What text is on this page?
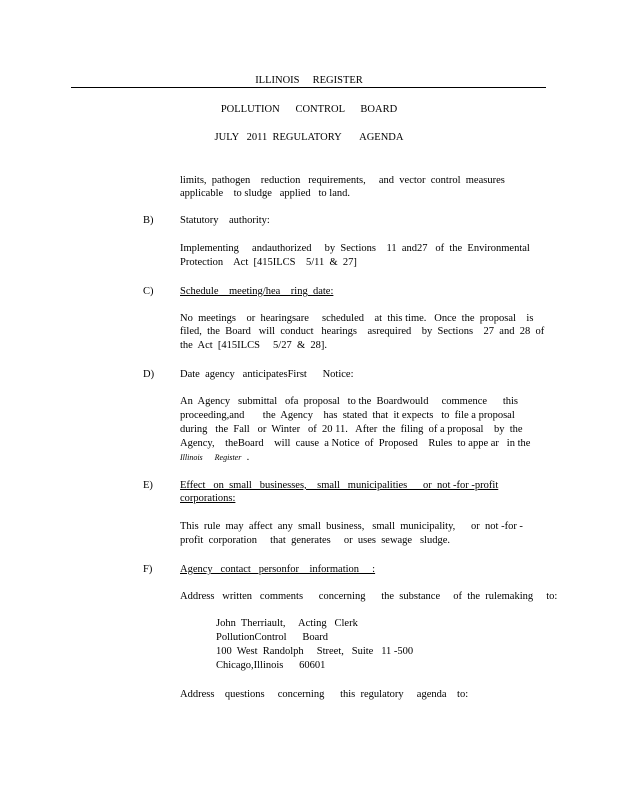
ILLINOIS     REGISTER
POLLUTION      CONTROL      BOARD
JULY   2011  REGULATORY       AGENDA
limits,  pathogen    reduction   requirements,     and  vector  control  measures
applicable    to sludge   applied   to land.
B)	Statutory    authority:
Implementing     andauthorized     by  Sections    11  and27   of  the  Environmental
Protection    Act  [415ILCS    5/11  &  27]
C)	Schedule    meeting/hea    ring  date:
No  meetings    or  hearingsare     scheduled    at  this time.   Once  the  proposal    is
filed,  the  Board   will  conduct   hearings    asrequired    by  Sections    27  and  28  of
the  Act  [415ILCS     5/27  &  28].
D) Date  agency   anticipatesFirst      Notice:
An  Agency   submittal   ofa  proposal   to the  Boardwould     commence      this
proceeding,and       the  Agency    has  stated  that  it expects   to  file a proposal
during   the  Fall   or  Winter   of  20 11.   After  the  filing  of a proposal    by  the
Agency,    theBoard    will  cause  a Notice  of  Proposed    Rules  to appe ar   in the
Illinois      Register  .
E)	Effect   on  small   businesses,    small   municipalities      or  not -for -profit
corporations:
This  rule  may  affect  any  small  business,   small  municipality,      or  not -for -
profit  corporation     that  generates     or  uses  sewage   sludge.
F)	Agency   contact   personfor    information     :
Address   written   comments      concerning      the  substance     of  the  rulemaking     to:
John  Therriault,     Acting   Clerk
PollutionControl      Board
100  West  Randolph     Street,   Suite   11 -500
Chicago,Illinois      60601
Address    questions     concerning      this  regulatory     agenda    to:
